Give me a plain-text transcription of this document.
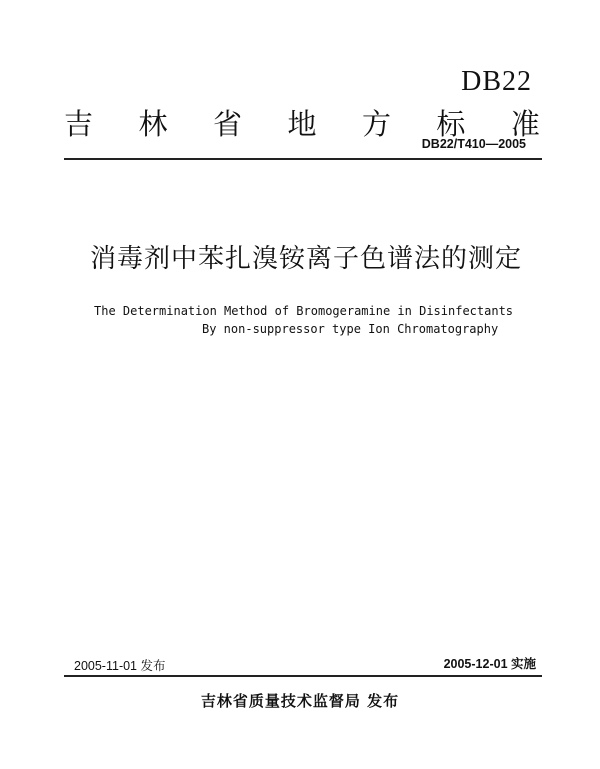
DB22
吉 林 省 地 方 标 准
DB22/T410—2005
消毒剂中苯扎溴铵离子色谱法的测定
The Determination Method of Bromogeramine in Disinfectants
By non-suppressor type Ion Chromatography
2005-11-01 发布	2005-12-01 实施
吉林省质量技术监督局 发布
